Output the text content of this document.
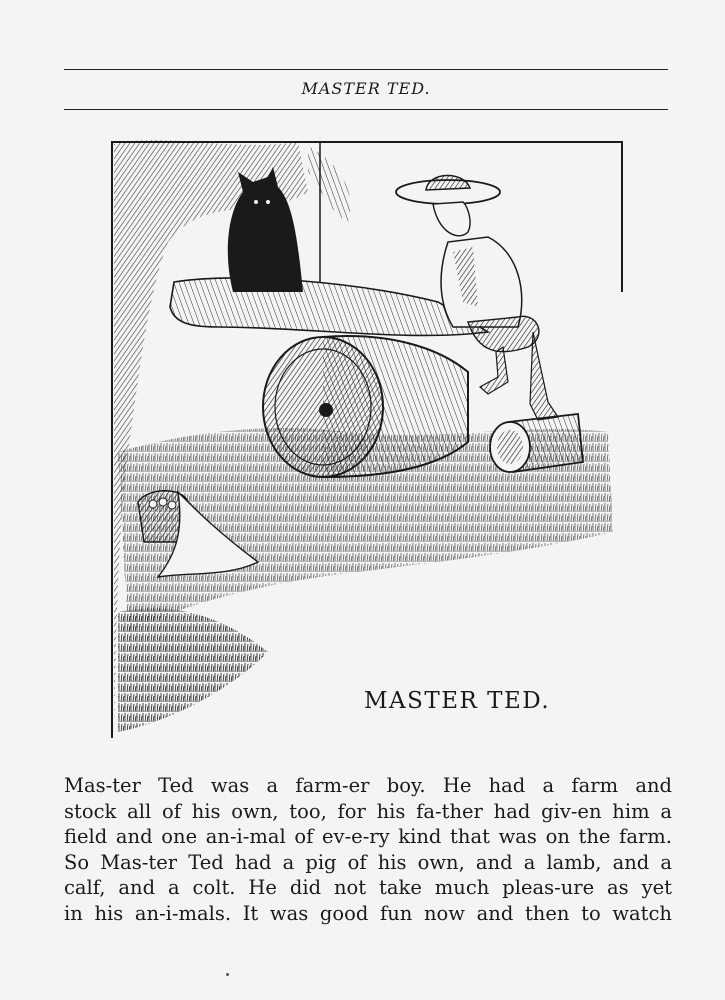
MASTER TED.
MASTER TED.
Mas-ter Ted was a farm-er boy. He had a farm and
stock all of his own, too, for his fa-ther had giv-en him a
field and one an-i-mal of ev-e-ry kind that was on the farm.
So Mas-ter Ted had a pig of his own, and a lamb, and a
calf, and a colt. He did not take much pleas-ure as yet
in his an-i-mals. It was good fun now and then to watch
